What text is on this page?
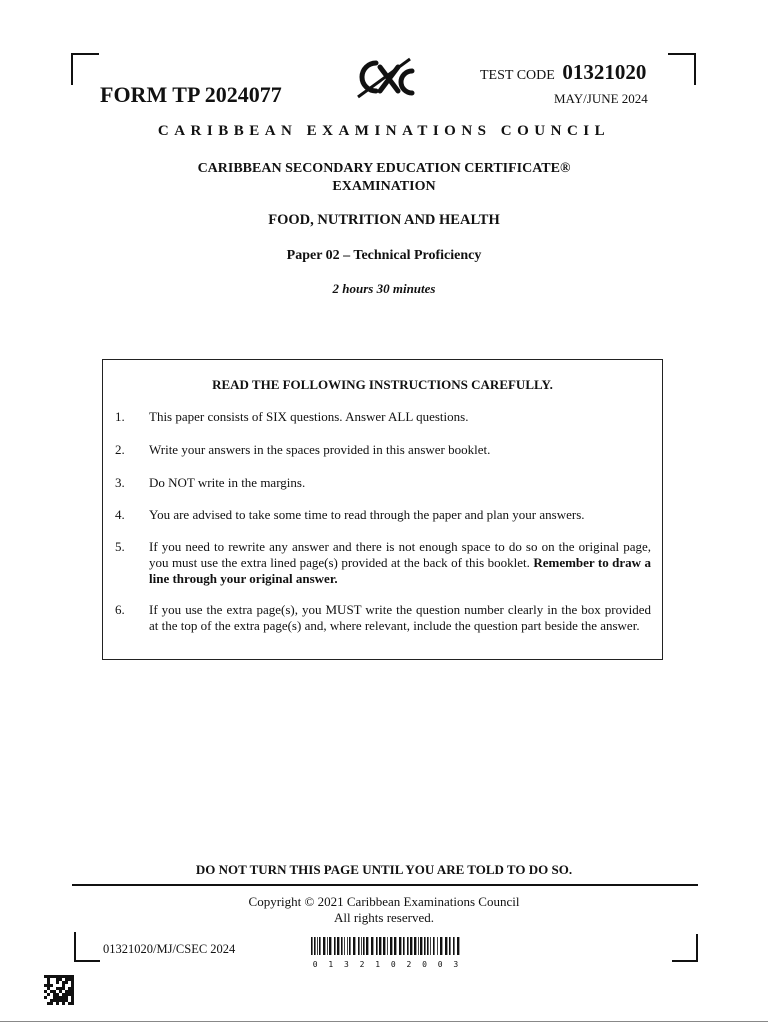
FORM TP 2024077
TEST CODE 01321020
MAY/JUNE 2024
CARIBBEAN EXAMINATIONS COUNCIL
CARIBBEAN SECONDARY EDUCATION CERTIFICATE®
EXAMINATION
FOOD, NUTRITION AND HEALTH
Paper 02 – Technical Proficiency
2 hours 30 minutes
READ THE FOLLOWING INSTRUCTIONS CAREFULLY.
1.	This paper consists of SIX questions. Answer ALL questions.
2.	Write your answers in the spaces provided in this answer booklet.
3.	Do NOT write in the margins.
4.	You are advised to take some time to read through the paper and plan your answers.
5.	If you need to rewrite any answer and there is not enough space to do so on the original page, you must use the extra lined page(s) provided at the back of this booklet. Remember to draw a line through your original answer.
6.	If you use the extra page(s), you MUST write the question number clearly in the box provided at the top of the extra page(s) and, where relevant, include the question part beside the answer.
DO NOT TURN THIS PAGE UNTIL YOU ARE TOLD TO DO SO.
Copyright © 2021 Caribbean Examinations Council
All rights reserved.
01321020/MJ/CSEC 2024
0 1 3 2 1 0 2 0 0 3
